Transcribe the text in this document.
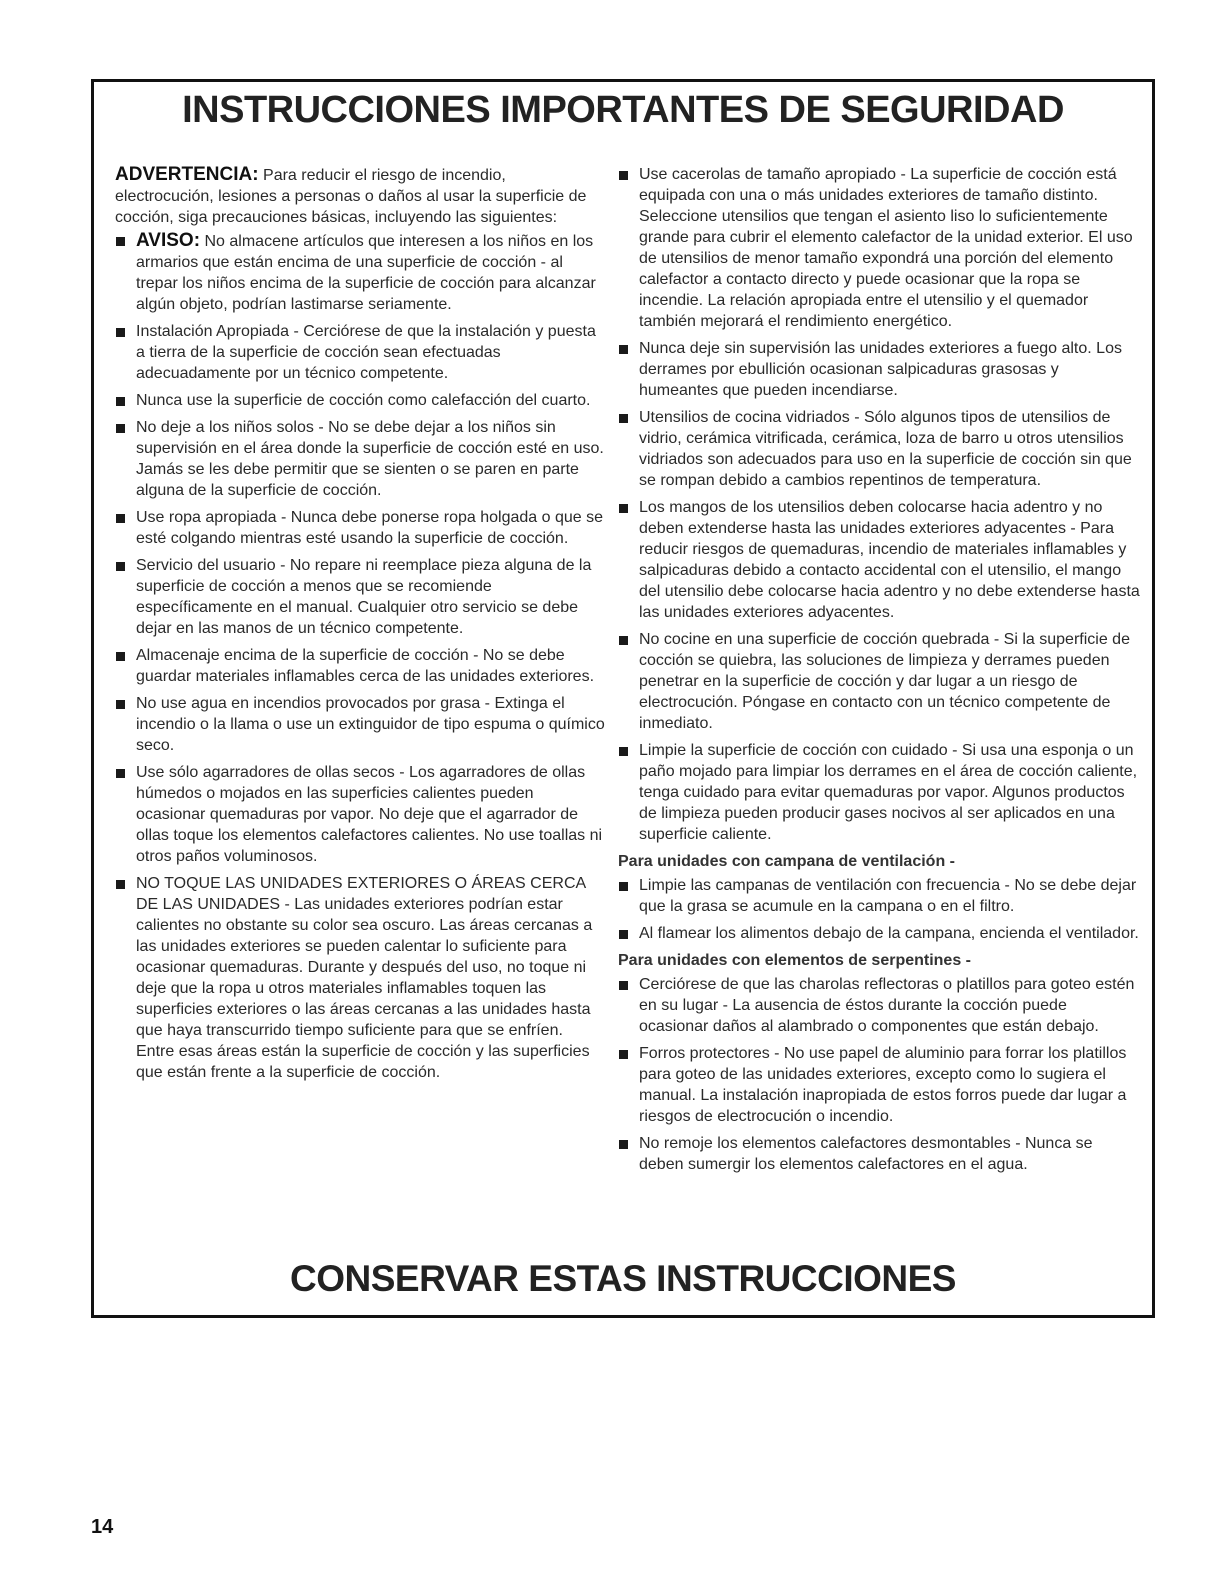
INSTRUCCIONES IMPORTANTES DE SEGURIDAD

ADVERTENCIA: Para reducir el riesgo de incendio, electrocución, lesiones a personas o daños al usar la superficie de cocción, siga precauciones básicas, incluyendo las siguientes:

AVISO: No almacene artículos que interesen a los niños en los armarios que están encima de una superficie de cocción - al trepar los niños encima de la superficie de cocción para alcanzar algún objeto, podrían lastimarse seriamente.
Instalación Apropiada - Cerciórese de que la instalación y puesta a tierra de la superficie de cocción sean efectuadas adecuadamente por un técnico competente.
Nunca use la superficie de cocción como calefacción del cuarto.
No deje a los niños solos - No se debe dejar a los niños sin supervisión en el área donde la superficie de cocción esté en uso. Jamás se les debe permitir que se sienten o se paren en parte alguna de la superficie de cocción.
Use ropa apropiada - Nunca debe ponerse ropa holgada o que se esté colgando mientras esté usando la superficie de cocción.
Servicio del usuario - No repare ni reemplace pieza alguna de la superficie de cocción a menos que se recomiende específicamente en el manual. Cualquier otro servicio se debe dejar en las manos de un técnico competente.
Almacenaje encima de la superficie de cocción - No se debe guardar materiales inflamables cerca de las unidades exteriores.
No use agua en incendios provocados por grasa - Extinga el incendio o la llama o use un extinguidor de tipo espuma o químico seco.
Use sólo agarradores de ollas secos - Los agarradores de ollas húmedos o mojados en las superficies calientes pueden ocasionar quemaduras por vapor. No deje que el agarrador de ollas toque los elementos calefactores calientes. No use toallas ni otros paños voluminosos.
NO TOQUE LAS UNIDADES EXTERIORES O ÁREAS CERCA DE LAS UNIDADES - Las unidades exteriores podrían estar calientes no obstante su color sea oscuro. Las áreas cercanas a las unidades exteriores se pueden calentar lo suficiente para ocasionar quemaduras. Durante y después del uso, no toque ni deje que la ropa u otros materiales inflamables toquen las superficies exteriores o las áreas cercanas a las unidades hasta que haya transcurrido tiempo suficiente para que se enfríen. Entre esas áreas están la superficie de cocción y las superficies que están frente a la superficie de cocción.
Use cacerolas de tamaño apropiado - La superficie de cocción está equipada con una o más unidades exteriores de tamaño distinto. Seleccione utensilios que tengan el asiento liso lo suficientemente grande para cubrir el elemento calefactor de la unidad exterior. El uso de utensilios de menor tamaño expondrá una porción del elemento calefactor a contacto directo y puede ocasionar que la ropa se incendie. La relación apropiada entre el utensilio y el quemador también mejorará el rendimiento energético.
Nunca deje sin supervisión las unidades exteriores a fuego alto. Los derrames por ebullición ocasionan salpicaduras grasosas y humeantes que pueden incendiarse.
Utensilios de cocina vidriados - Sólo algunos tipos de utensilios de vidrio, cerámica vitrificada, cerámica, loza de barro u otros utensilios vidriados son adecuados para uso en la superficie de cocción sin que se rompan debido a cambios repentinos de temperatura.
Los mangos de los utensilios deben colocarse hacia adentro y no deben extenderse hasta las unidades exteriores adyacentes - Para reducir riesgos de quemaduras, incendio de materiales inflamables y salpicaduras debido a contacto accidental con el utensilio, el mango del utensilio debe colocarse hacia adentro y no debe extenderse hasta las unidades exteriores adyacentes.
No cocine en una superficie de cocción quebrada - Si la superficie de cocción se quiebra, las soluciones de limpieza y derrames pueden penetrar en la superficie de cocción y dar lugar a un riesgo de electrocución. Póngase en contacto con un técnico competente de inmediato.
Limpie la superficie de cocción con cuidado - Si usa una esponja o un paño mojado para limpiar los derrames en el área de cocción caliente, tenga cuidado para evitar quemaduras por vapor. Algunos productos de limpieza pueden producir gases nocivos al ser aplicados en una superficie caliente.
Para unidades con campana de ventilación -
Limpie las campanas de ventilación con frecuencia - No se debe dejar que la grasa se acumule en la campana o en el filtro.
Al flamear los alimentos debajo de la campana, encienda el ventilador.
Para unidades con elementos de serpentines -
Cerciórese de que las charolas reflectoras o platillos para goteo estén en su lugar - La ausencia de éstos durante la cocción puede ocasionar daños al alambrado o componentes que están debajo.
Forros protectores - No use papel de aluminio para forrar los platillos para goteo de las unidades exteriores, excepto como lo sugiera el manual. La instalación inapropiada de estos forros puede dar lugar a riesgos de electrocución o incendio.
No remoje los elementos calefactores desmontables - Nunca se deben sumergir los elementos calefactores en el agua.
CONSERVAR ESTAS INSTRUCCIONES
14
